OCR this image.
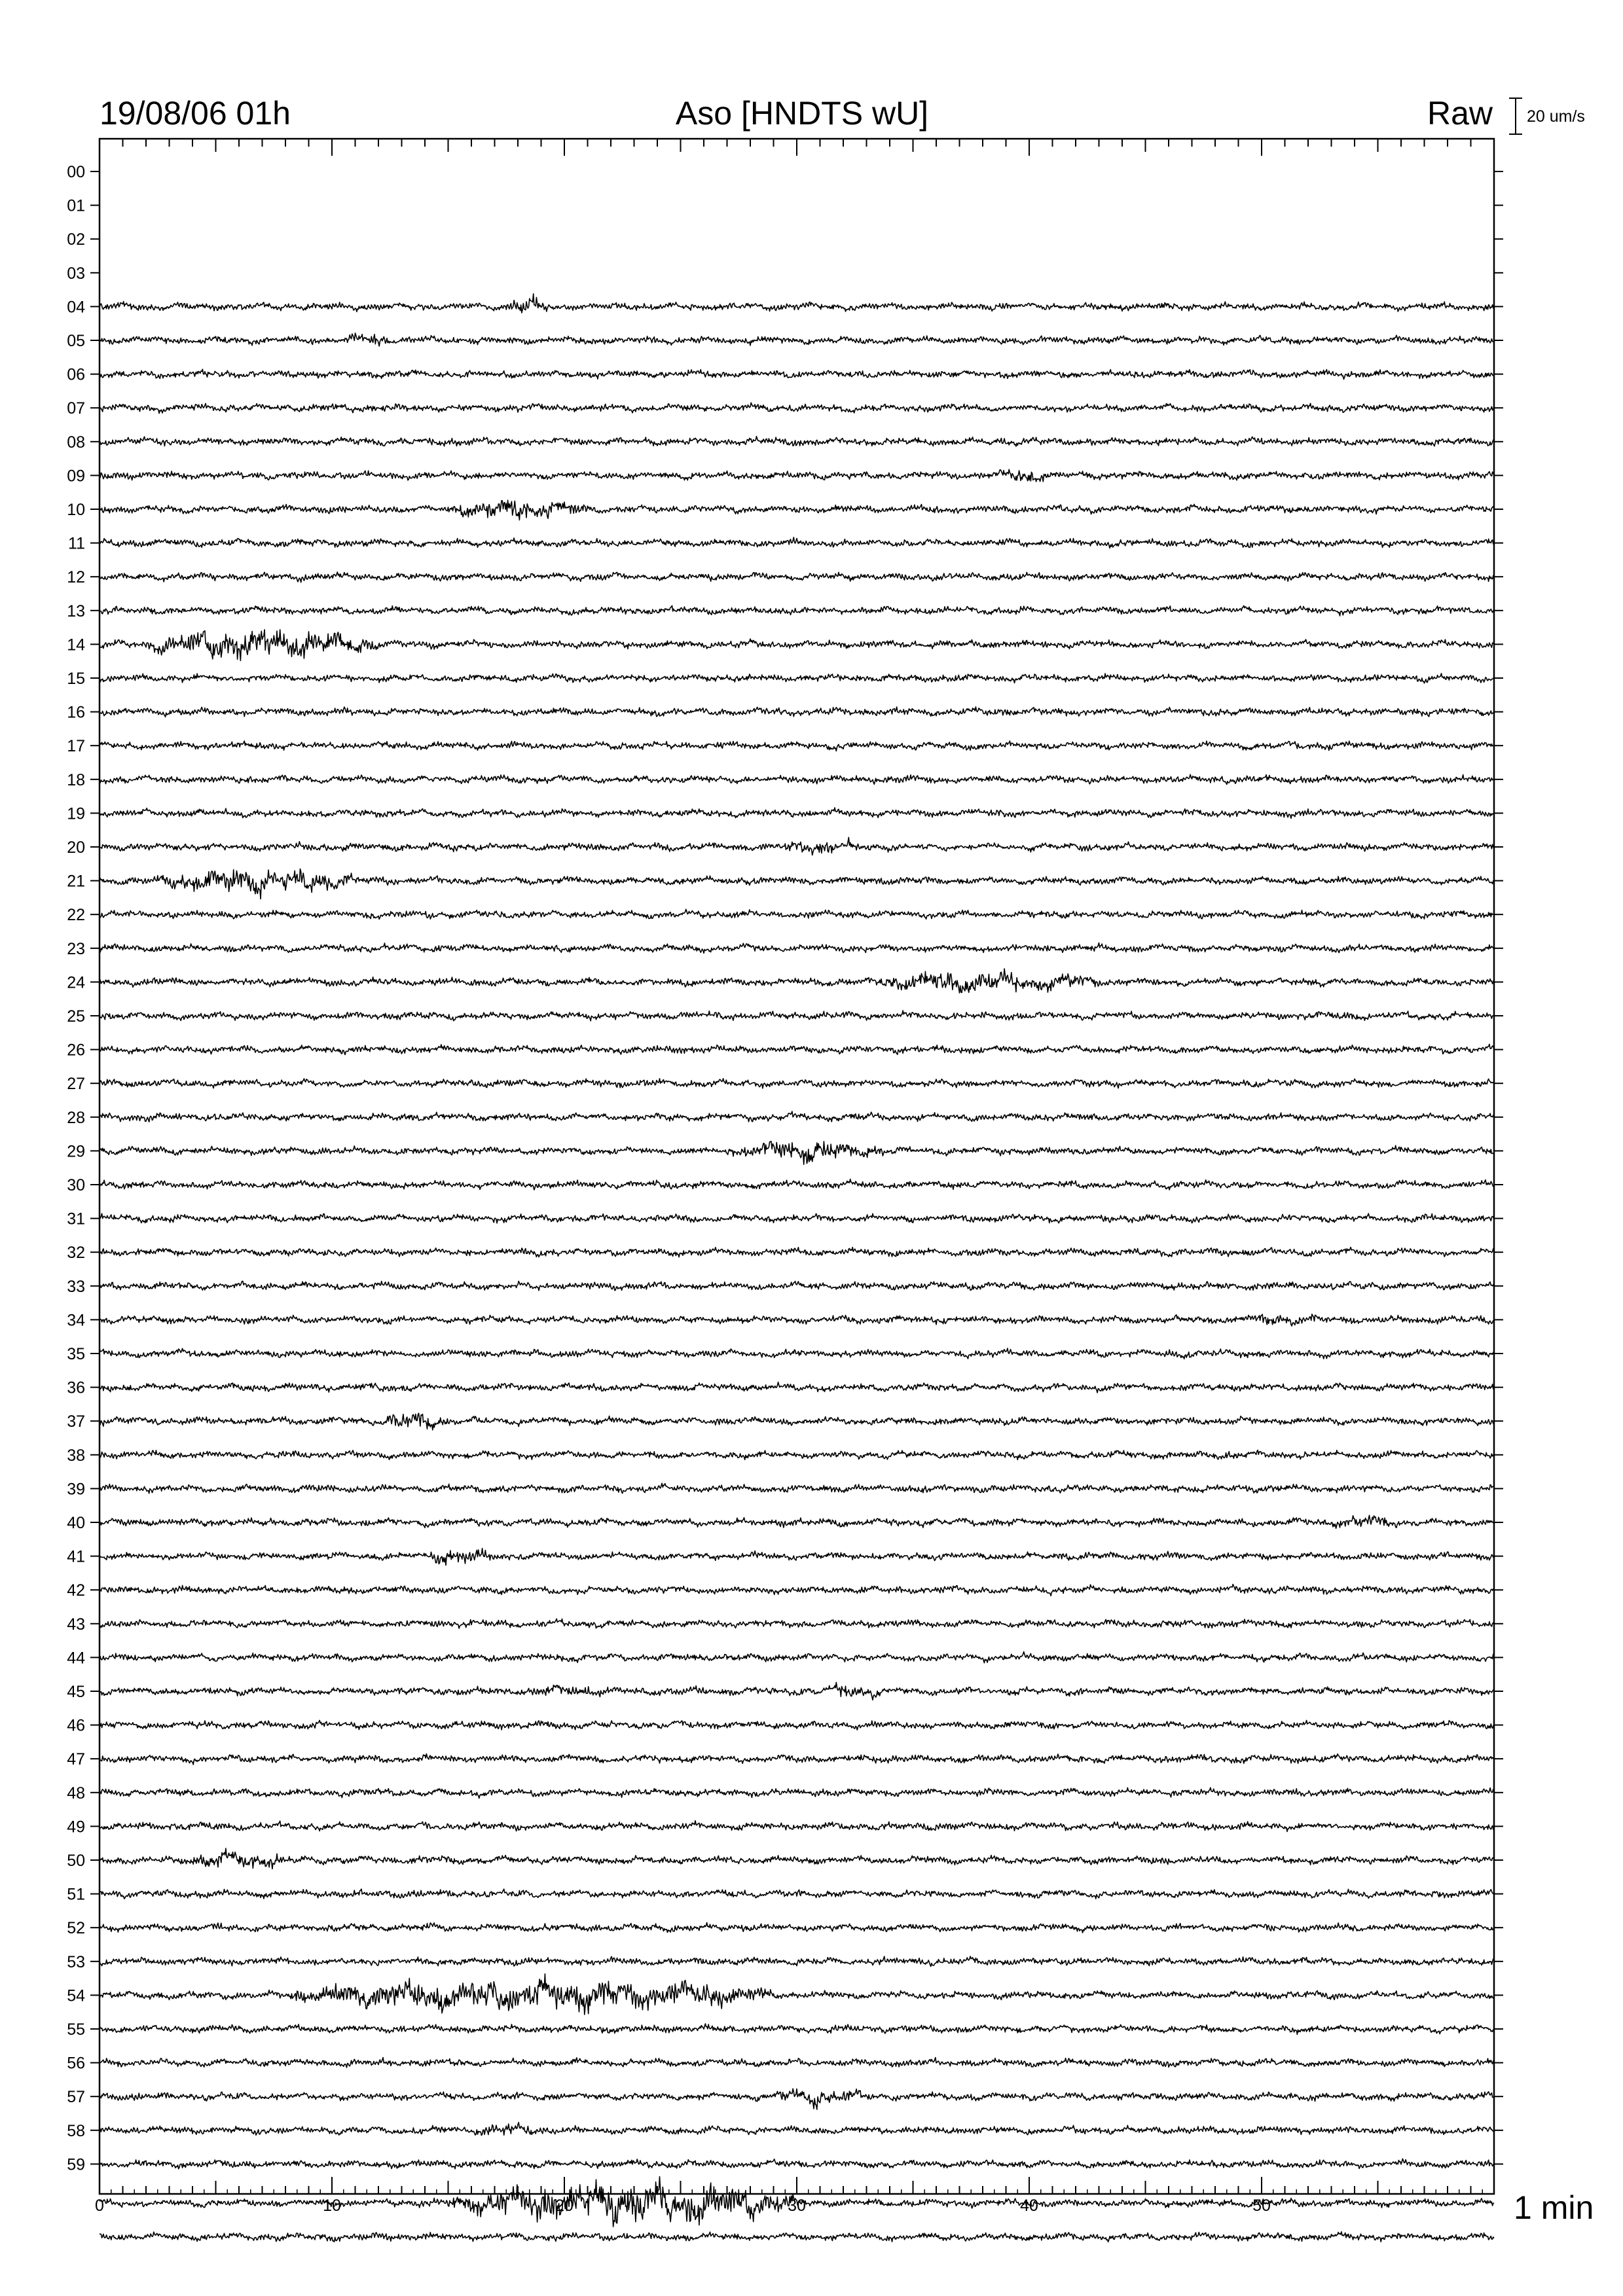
19/08/06 01h	Aso [HNDTS wU]	Raw 20 um/s
00
01
02
03
04
05
06
07
08
09
10
11
12
13
14
15
16
17
18
19
20
21
22
23
24
25
26
27
28
29
30
31
32
33
34
35
36
37
38
39
40
41
42
43
44
45
46
47
48
49
50
51
52
53
54
55
56
57
58
59
0	10	20	30	40	50	1 min
